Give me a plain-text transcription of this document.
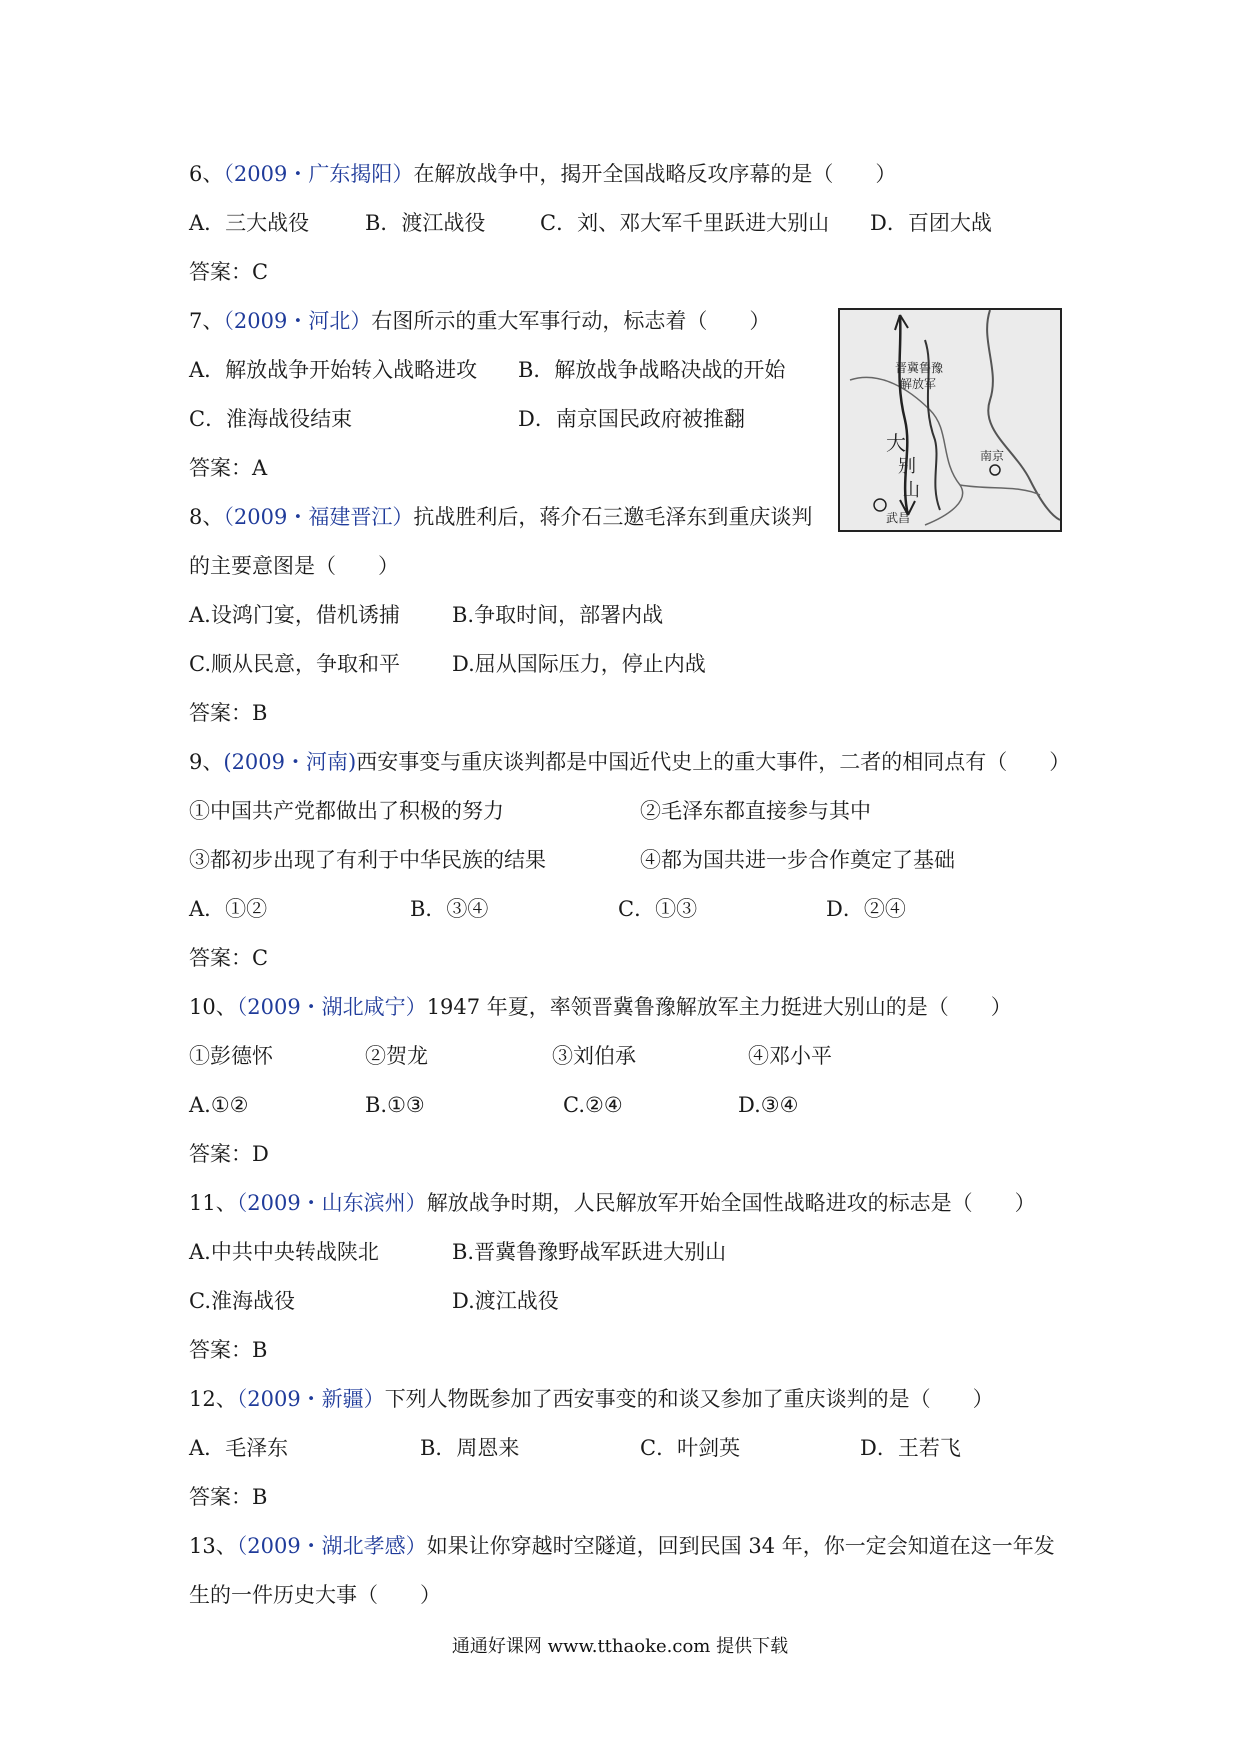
6、（2009・广东揭阳）在解放战争中，揭开全国战略反攻序幕的是（　　）
A．三大战役	B．渡江战役	C．刘、邓大军千里跃进大别山 D．百团大战
答案：C
7、（2009・河北）右图所示的重大军事行动，标志着（　　）
A．解放战争开始转入战略进攻 B．解放战争战略决战的开始
C．淮海战役结束	D．南京国民政府被推翻
答案：A
晋冀鲁豫
解放军
大
别
山
南京
武昌
8、（2009・福建晋江）抗战胜利后，蒋介石三邀毛泽东到重庆谈判
的主要意图是（　　）
A.设鸿门宴，借机诱捕 B.争取时间，部署内战
C.顺从民意，争取和平 D.屈从国际压力，停止内战
答案：B
9、(2009・河南)西安事变与重庆谈判都是中国近代史上的重大事件，二者的相同点有（　　）
①中国共产党都做出了积极的努力	②毛泽东都直接参与其中
③都初步出现了有利于中华民族的结果	④都为国共进一步合作奠定了基础
A．①②	B．③④	C．①③	D．②④
答案：C
10、（2009・湖北咸宁）1947 年夏，率领晋冀鲁豫解放军主力挺进大别山的是（　　）
①彭德怀	②贺龙	③刘伯承	④邓小平
A.①②	B.①③	C.②④	D.③④
答案：D
11、（2009・山东滨州）解放战争时期，人民解放军开始全国性战略进攻的标志是（　　）
A.中共中央转战陕北	B.晋冀鲁豫野战军跃进大别山
C.淮海战役	D.渡江战役
答案：B
12、（2009・新疆）下列人物既参加了西安事变的和谈又参加了重庆谈判的是（　　）
A．毛泽东	B．周恩来	C．叶剑英	D．王若飞
答案：B
13、（2009・湖北孝感）如果让你穿越时空隧道，回到民国 34 年，你一定会知道在这一年发
生的一件历史大事（　　）
通通好课网 www.tthaoke.com 提供下载
